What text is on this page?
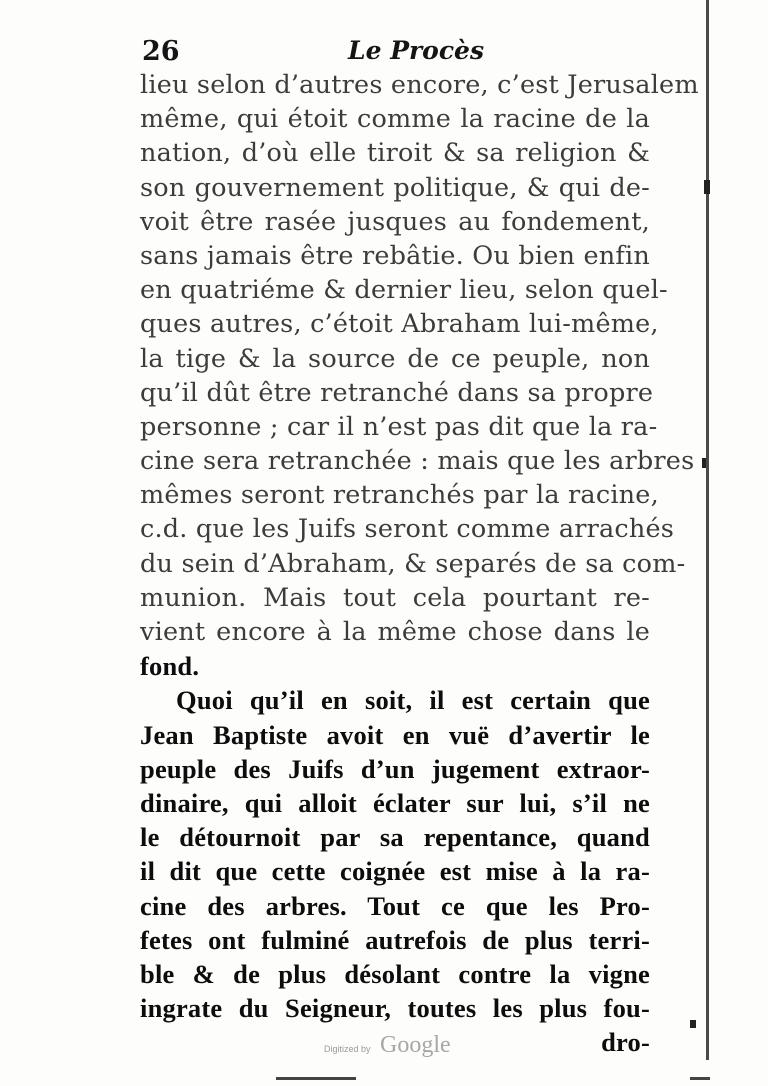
26	Le Procès
lieu selon d’autres encore, c’est Jerusalem
même, qui étoit comme la racine de la
nation, d’où elle tiroit & sa religion &
son gouvernement politique, & qui de-
voit être rasée jusques au fondement,
sans jamais être rebâtie. Ou bien enfin
en quatriéme & dernier lieu, selon quel-
ques autres, c’étoit Abraham lui-même,
la tige & la source de ce peuple, non
qu’il dût être retranché dans sa propre
personne ; car il n’est pas dit que la ra-
cine sera retranchée : mais que les arbres
mêmes seront retranchés par la racine,
c.d. que les Juifs seront comme arrachés
du sein d’Abraham, & separés de sa com-
munion. Mais tout cela pourtant re-
vient encore à la même chose dans le
fond.
Quoi qu’il en soit, il est certain que
Jean Baptiste avoit en vuë d’avertir le
peuple des Juifs d’un jugement extraor-
dinaire, qui alloit éclater sur lui, s’il ne
le détournoit par sa repentance, quand
il dit que cette coignée est mise à la ra-
cine des arbres. Tout ce que les Pro-
fetes ont fulminé autrefois de plus terri-
ble & de plus désolant contre la vigne
ingrate du Seigneur, toutes les plus fou-
dro-
Digitized by Google
